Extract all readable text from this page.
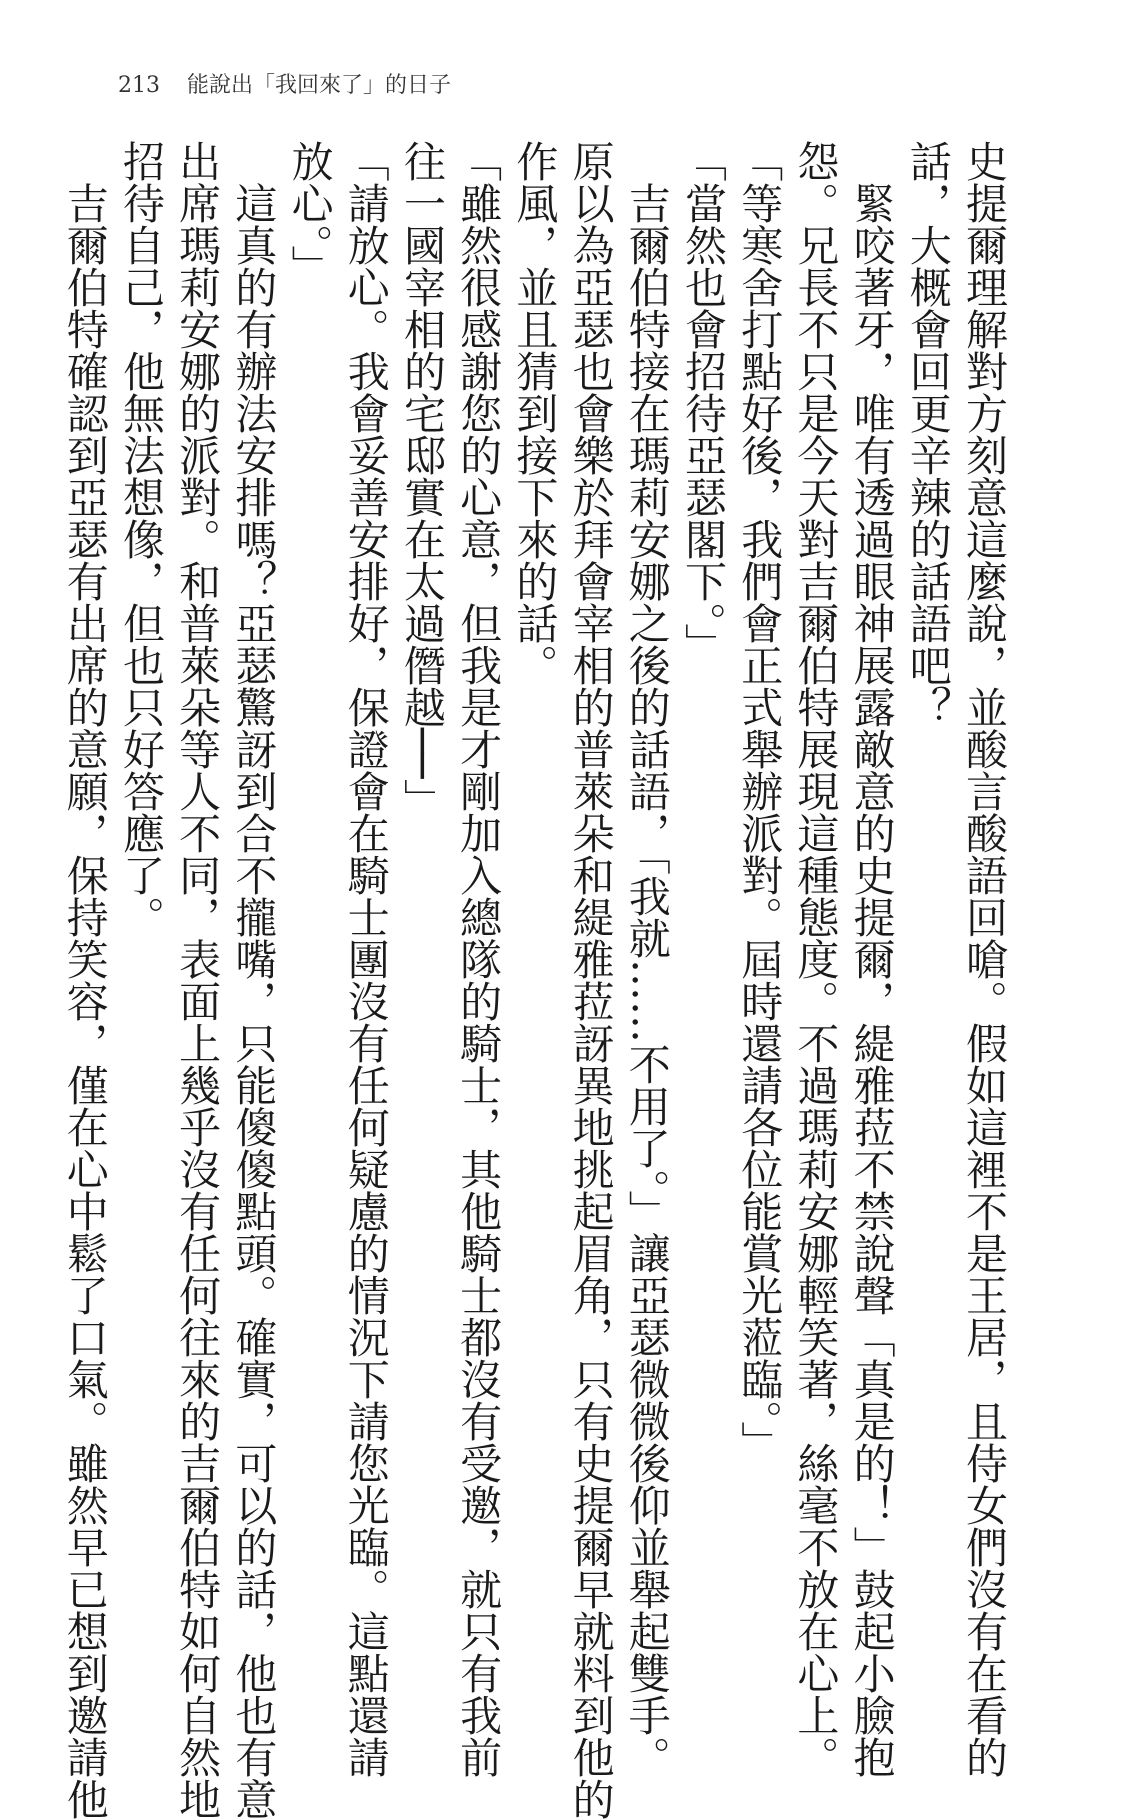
213 能說出「我回來了」的日子
史提爾理解對方刻意這麼說，並酸言酸語回嗆。假如這裡不是王居，且侍女們沒有在看的
話，大概會回更辛辣的話語吧？
　緊咬著牙，唯有透過眼神展露敵意的史提爾，緹雅菈不禁說聲「真是的！」鼓起小臉抱
怨。兄長不只是今天對吉爾伯特展現這種態度。不過瑪莉安娜輕笑著，絲毫不放在心上。
「等寒舍打點好後，我們會正式舉辦派對。屆時還請各位能賞光蒞臨。」
「當然也會招待亞瑟閣下。」
　吉爾伯特接在瑪莉安娜之後的話語，「我就……不用了。」讓亞瑟微微後仰並舉起雙手。
原以為亞瑟也會樂於拜會宰相的普萊朵和緹雅菈訝異地挑起眉角，只有史提爾早就料到他的
作風，並且猜到接下來的話。
「雖然很感謝您的心意，但我是才剛加入總隊的騎士，其他騎士都沒有受邀，就只有我前
往一國宰相的宅邸實在太過僭越──」
「請放心。我會妥善安排好，保證會在騎士團沒有任何疑慮的情況下請您光臨。這點還請
放心。」
　這真的有辦法安排嗎？亞瑟驚訝到合不攏嘴，只能傻傻點頭。確實，可以的話，他也有意
出席瑪莉安娜的派對。和普萊朵等人不同，表面上幾乎沒有任何往來的吉爾伯特如何自然地
招待自己，他無法想像，但也只好答應了。
　吉爾伯特確認到亞瑟有出席的意願，保持笑容，僅在心中鬆了口氣。雖然早已想到邀請他
